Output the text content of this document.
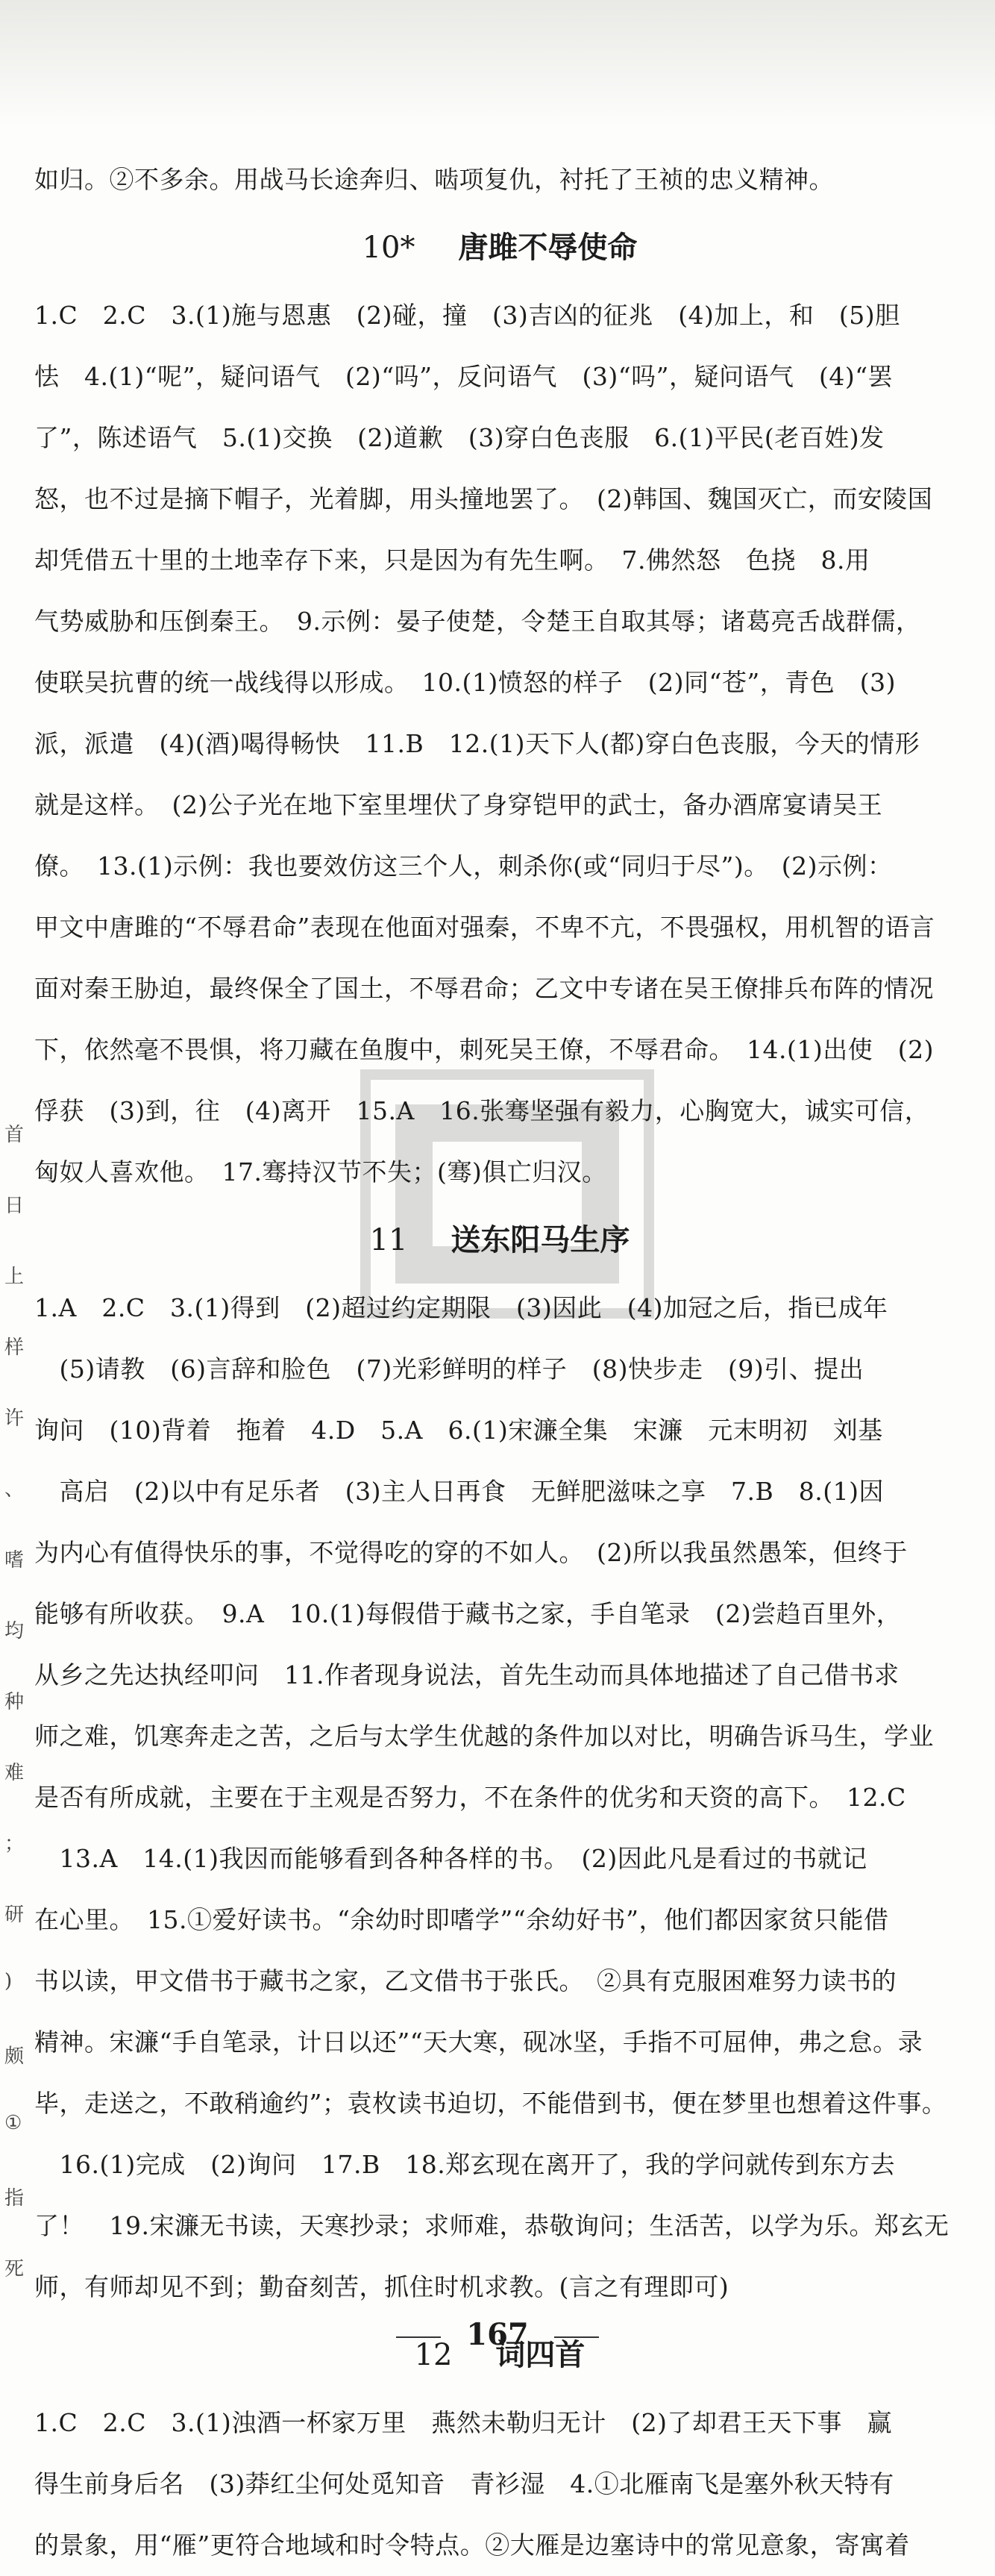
如归。②不多余。用战马长途奔归、啮项复仇，衬托了王祯的忠义精神。

10* 唐雎不辱使命

1.C　2.C　3.(1)施与恩惠　(2)碰，撞　(3)吉凶的征兆　(4)加上，和　(5)胆

怯　4.(1)“呢”，疑问语气　(2)“吗”，反问语气　(3)“吗”，疑问语气　(4)“罢

了”，陈述语气　5.(1)交换　(2)道歉　(3)穿白色丧服　6.(1)平民(老百姓)发

怒，也不过是摘下帽子，光着脚，用头撞地罢了。　(2)韩国、魏国灭亡，而安陵国

却凭借五十里的土地幸存下来，只是因为有先生啊。　7.佛然怒　色挠　8.用

气势威胁和压倒秦王。　9.示例：晏子使楚，令楚王自取其辱；诸葛亮舌战群儒，

使联吴抗曹的统一战线得以形成。　10.(1)愤怒的样子　(2)同“苍”，青色　(3)

派，派遣　(4)(酒)喝得畅快　11.B　12.(1)天下人(都)穿白色丧服，今天的情形

就是这样。　(2)公子光在地下室里埋伏了身穿铠甲的武士，备办酒席宴请吴王

僚。　13.(1)示例：我也要效仿这三个人，刺杀你(或“同归于尽”)。　(2)示例：

甲文中唐雎的“不辱君命”表现在他面对强秦，不卑不亢，不畏强权，用机智的语言

面对秦王胁迫，最终保全了国土，不辱君命；乙文中专诸在吴王僚排兵布阵的情况

下，依然毫不畏惧，将刀藏在鱼腹中，刺死吴王僚，不辱君命。　14.(1)出使　(2)

俘获　(3)到，往　(4)离开　15.A　16.张骞坚强有毅力，心胸宽大，诚实可信，

匈奴人喜欢他。　17.骞持汉节不失；(骞)俱亡归汉。

11 送东阳马生序

1.A　2.C　3.(1)得到　(2)超过约定期限　(3)因此　(4)加冠之后，指已成年

　(5)请教　(6)言辞和脸色　(7)光彩鲜明的样子　(8)快步走　(9)引、提出

询问　(10)背着　拖着　4.D　5.A　6.(1)宋濂全集　宋濂　元末明初　刘基

　高启　(2)以中有足乐者　(3)主人日再食　无鲜肥滋味之享　7.B　8.(1)因

为内心有值得快乐的事，不觉得吃的穿的不如人。　(2)所以我虽然愚笨，但终于

能够有所收获。　9.A　10.(1)每假借于藏书之家，手自笔录　(2)尝趋百里外，

从乡之先达执经叩问　11.作者现身说法，首先生动而具体地描述了自己借书求

师之难，饥寒奔走之苦，之后与太学生优越的条件加以对比，明确告诉马生，学业

是否有所成就，主要在于主观是否努力，不在条件的优劣和天资的高下。　12.C

　13.A　14.(1)我因而能够看到各种各样的书。　(2)因此凡是看过的书就记

在心里。　15.①爱好读书。“余幼时即嗜学”“余幼好书”，他们都因家贫只能借

书以读，甲文借书于藏书之家，乙文借书于张氏。　②具有克服困难努力读书的

精神。宋濂“手自笔录，计日以还”“天大寒，砚冰坚，手指不可屈伸，弗之怠。录

毕，走送之，不敢稍逾约”；袁枚读书迫切，不能借到书，便在梦里也想着这件事。

　16.(1)完成　(2)询问　17.B　18.郑玄现在离开了，我的学问就传到东方去

了！　19.宋濂无书读，天寒抄录；求师难，恭敬询问；生活苦，以学为乐。郑玄无

师，有师却见不到；勤奋刻苦，抓住时机求教。(言之有理即可)

12 词四首

1.C　2.C　3.(1)浊酒一杯家万里　燕然未勒归无计　(2)了却君王天下事　赢

得生前身后名　(3)莽红尘何处觅知音　青衫湿　4.①北雁南飞是塞外秋天特有

的景象，用“雁”更符合地域和时令特点。②大雁是边塞诗中的常见意象，寄寓着

首
日
上
样
许
、
嗜
均
种
难
；
研
)
颇
①
指
死
167
